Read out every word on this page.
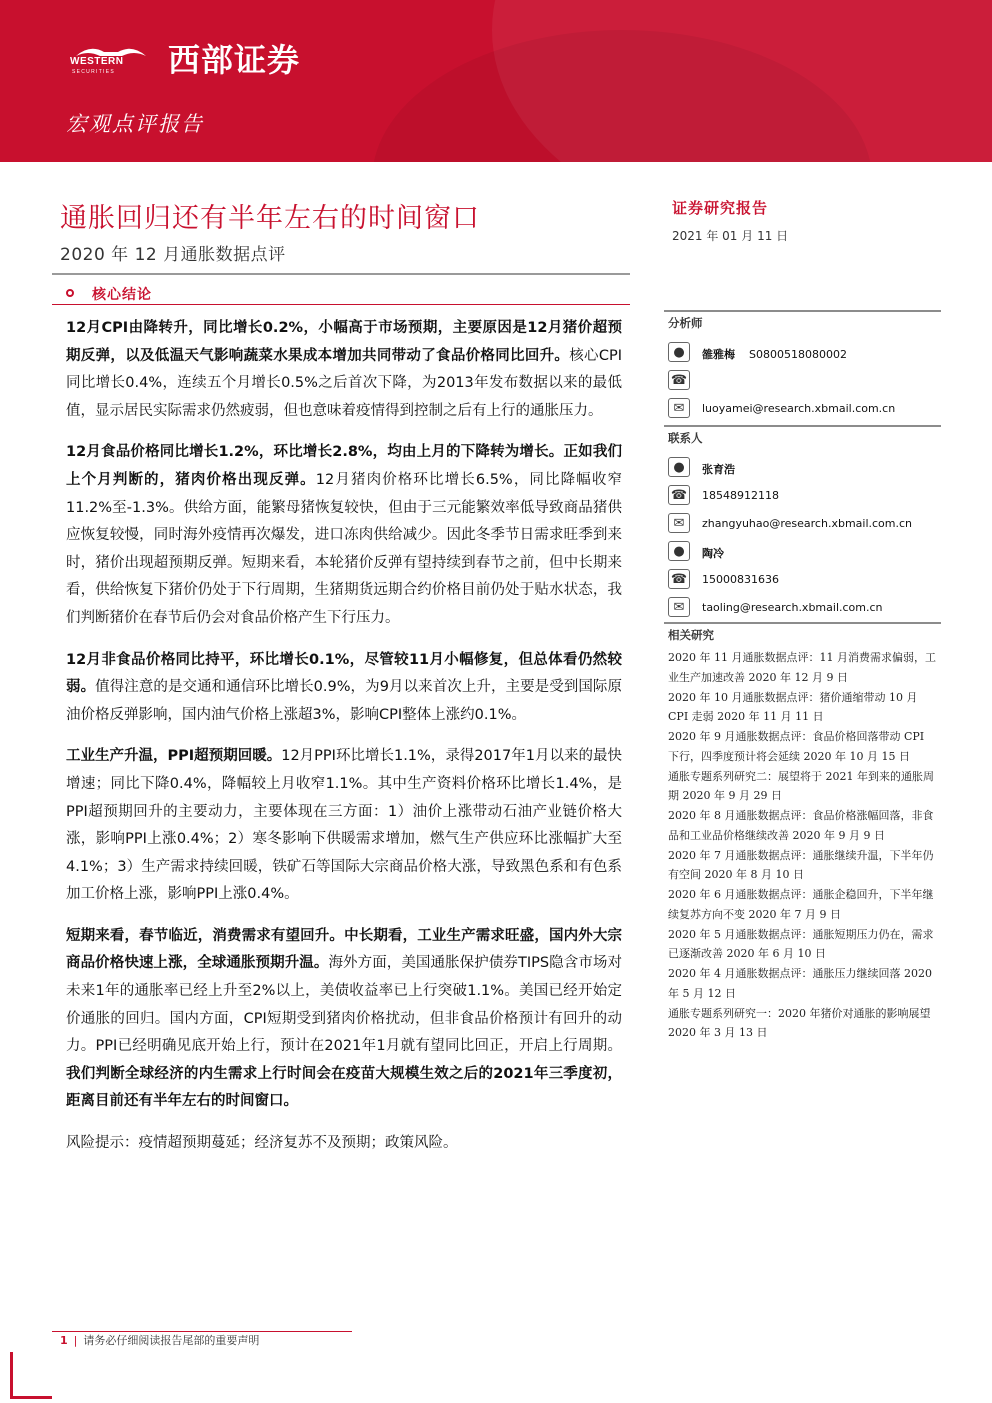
WESTERN
SECURITIES 西部证券
宏观点评报告
通胀回归还有半年左右的时间窗口
2020 年 12 月通胀数据点评
核心结论

12月CPI由降转升，同比增长0.2%，小幅高于市场预期，主要原因是12月猪价超预期反弹，以及低温天气影响蔬菜水果成本增加共同带动了食品价格同比回升。核心CPI同比增长0.4%，连续五个月增长0.5%之后首次下降，为2013年发布数据以来的最低值，显示居民实际需求仍然疲弱，但也意味着疫情得到控制之后有上行的通胀压力。

12月食品价格同比增长1.2%，环比增长2.8%，均由上月的下降转为增长。正如我们上个月判断的，猪肉价格出现反弹。12月猪肉价格环比增长6.5%，同比降幅收窄11.2%至-1.3%。供给方面，能繁母猪恢复较快，但由于三元能繁效率低导致商品猪供应恢复较慢，同时海外疫情再次爆发，进口冻肉供给减少。因此冬季节日需求旺季到来时，猪价出现超预期反弹。短期来看，本轮猪价反弹有望持续到春节之前，但中长期来看，供给恢复下猪价仍处于下行周期，生猪期货远期合约价格目前仍处于贴水状态，我们判断猪价在春节后仍会对食品价格产生下行压力。

12月非食品价格同比持平，环比增长0.1%，尽管较11月小幅修复，但总体看仍然较弱。值得注意的是交通和通信环比增长0.9%，为9月以来首次上升，主要是受到国际原油价格反弹影响，国内油气价格上涨超3%，影响CPI整体上涨约0.1%。

工业生产升温，PPI超预期回暖。12月PPI环比增长1.1%，录得2017年1月以来的最快增速；同比下降0.4%，降幅较上月收窄1.1%。其中生产资料价格环比增长1.4%，是PPI超预期回升的主要动力，主要体现在三方面：1）油价上涨带动石油产业链价格大涨，影响PPI上涨0.4%；2）寒冬影响下供暖需求增加，燃气生产供应环比涨幅扩大至4.1%；3）生产需求持续回暖，铁矿石等国际大宗商品价格大涨，导致黑色系和有色系加工价格上涨，影响PPI上涨0.4%。

短期来看，春节临近，消费需求有望回升。中长期看，工业生产需求旺盛，国内外大宗商品价格快速上涨，全球通胀预期升温。海外方面，美国通胀保护债券TIPS隐含市场对未来1年的通胀率已经上升至2%以上，美债收益率已上行突破1.1%。美国已经开始定价通胀的回归。国内方面，CPI短期受到猪肉价格扰动，但非食品价格预计有回升的动力。PPI已经明确见底开始上行，预计在2021年1月就有望同比回正，开启上行周期。我们判断全球经济的内生需求上行时间会在疫苗大规模生效之后的2021年三季度初，距离目前还有半年左右的时间窗口。

风险提示：疫情超预期蔓延；经济复苏不及预期；政策风险。

证券研究报告
2021 年 01 月 11 日
分析师
●	雒雅梅 S0800518080002
☎
✉	luoyamei@research.xbmail.com.cn
联系人
●	张育浩
☎ 18548912118
✉	zhangyuhao@research.xbmail.com.cn
●	陶冷
☎ 15000831636
✉	taoling@research.xbmail.com.cn
相关研究
2020 年 11 月通胀数据点评：11 月消费需求偏弱，工业生产加速改善 2020 年 12 月 9 日
2020 年 10 月通胀数据点评：猪价通缩带动 10 月 CPI 走弱 2020 年 11 月 11 日
2020 年 9 月通胀数据点评：食品价格回落带动 CPI 下行，四季度预计将会延续 2020 年 10 月 15 日
通胀专题系列研究二：展望将于 2021 年到来的通胀周期 2020 年 9 月 29 日
2020 年 8 月通胀数据点评：食品价格涨幅回落，非食品和工业品价格继续改善 2020 年 9 月 9 日
2020 年 7 月通胀数据点评：通胀继续升温，下半年仍有空间 2020 年 8 月 10 日
2020 年 6 月通胀数据点评：通胀企稳回升，下半年继续复苏方向不变 2020 年 7 月 9 日
2020 年 5 月通胀数据点评：通胀短期压力仍在，需求已逐渐改善 2020 年 6 月 10 日
2020 年 4 月通胀数据点评：通胀压力继续回落 2020 年 5 月 12 日
通胀专题系列研究一：2020 年猪价对通胀的影响展望 2020 年 3 月 13 日
1 | 请务必仔细阅读报告尾部的重要声明
